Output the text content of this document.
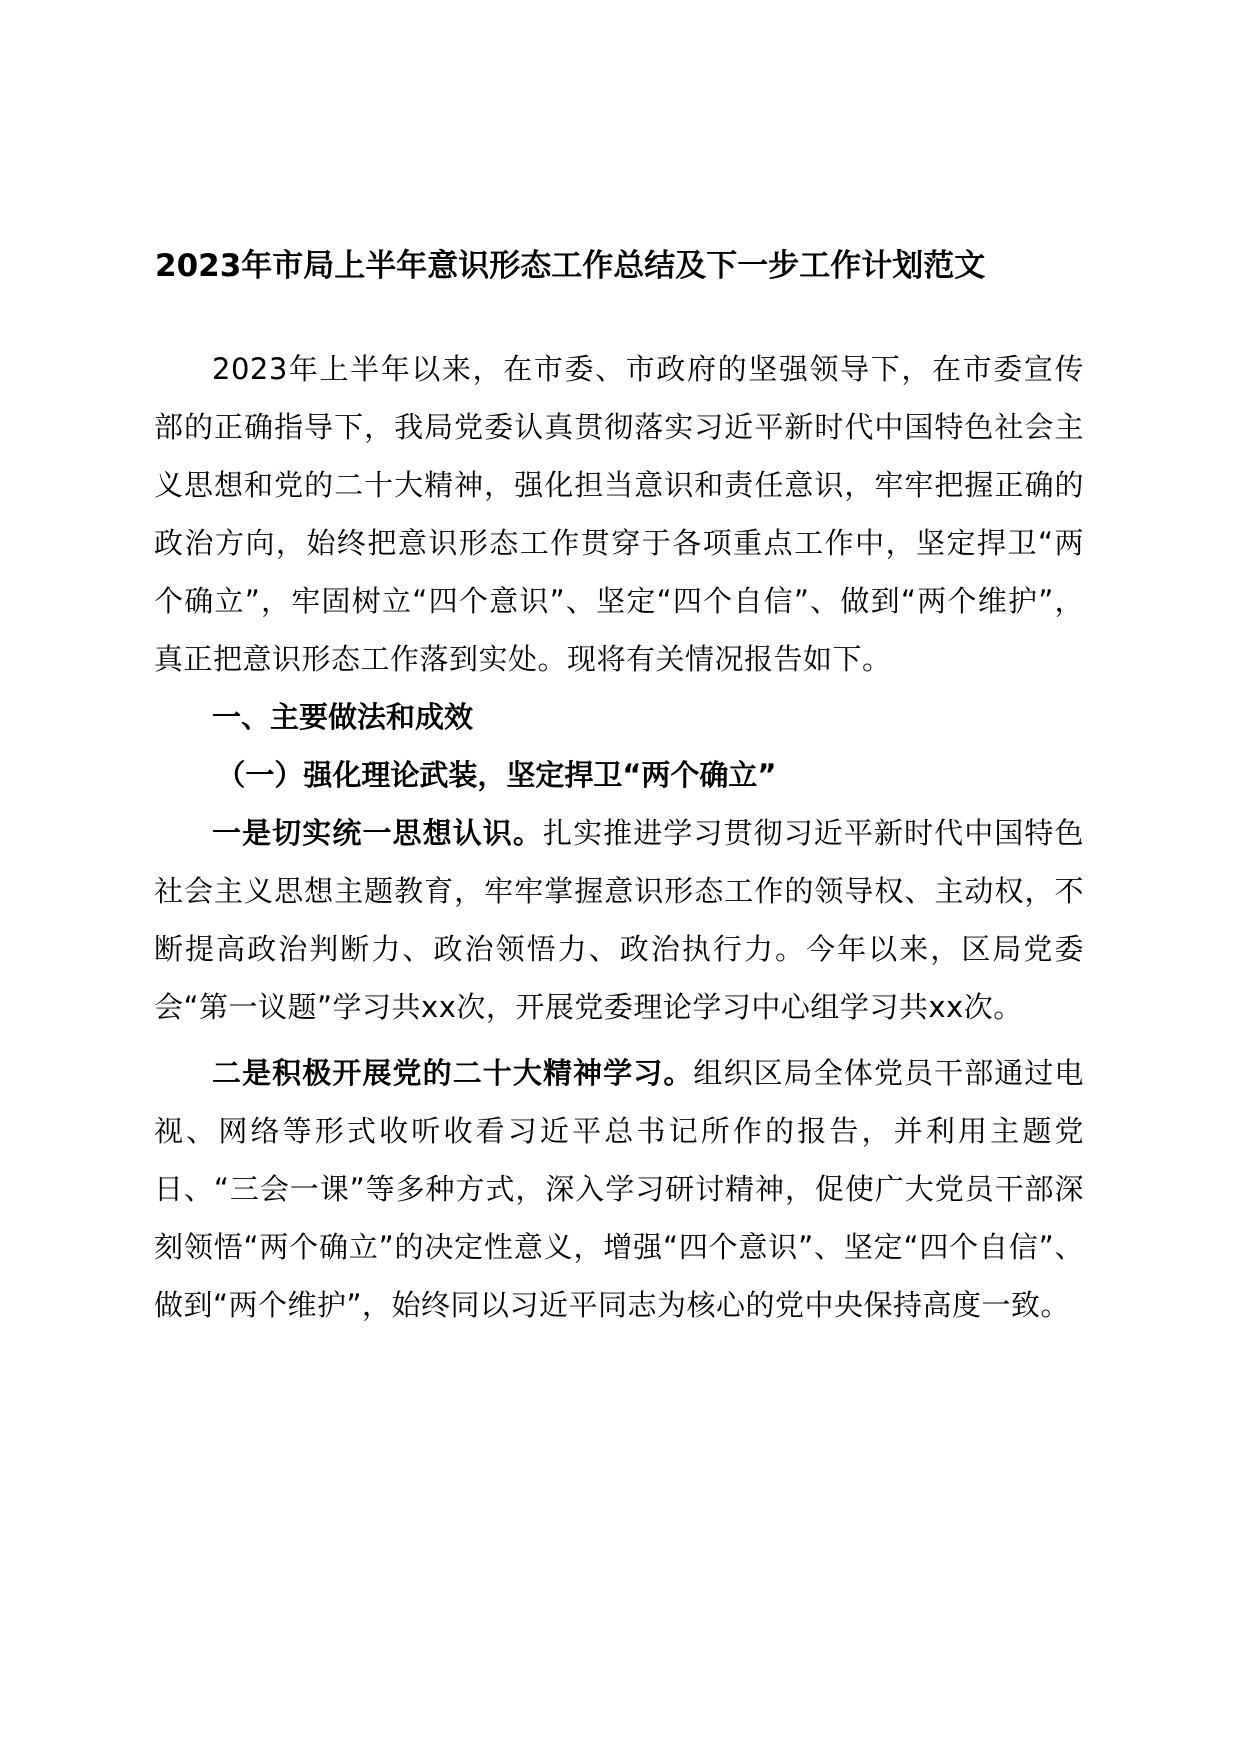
2023年市局上半年意识形态工作总结及下一步工作计划范文

2023年上半年以来，在市委、市政府的坚强领导下，在市委宣传部的正确指导下，我局党委认真贯彻落实习近平新时代中国特色社会主义思想和党的二十大精神，强化担当意识和责任意识，牢牢把握正确的政治方向，始终把意识形态工作贯穿于各项重点工作中，坚定捍卫“两个确立”，牢固树立“四个意识”、坚定“四个自信”、做到“两个维护”，真正把意识形态工作落到实处。现将有关情况报告如下。

一、主要做法和成效

（一）强化理论武装，坚定捍卫“两个确立”

一是切实统一思想认识。扎实推进学习贯彻习近平新时代中国特色社会主义思想主题教育，牢牢掌握意识形态工作的领导权、主动权，不断提高政治判断力、政治领悟力、政治执行力。今年以来，区局党委会“第一议题”学习共xx次，开展党委理论学习中心组学习共xx次。

二是积极开展党的二十大精神学习。组织区局全体党员干部通过电视、网络等形式收听收看习近平总书记所作的报告，并利用主题党日、“三会一课”等多种方式，深入学习研讨精神，促使广大党员干部深刻领悟“两个确立”的决定性意义，增强“四个意识”、坚定“四个自信”、做到“两个维护”，始终同以习近平同志为核心的党中央保持高度一致。
